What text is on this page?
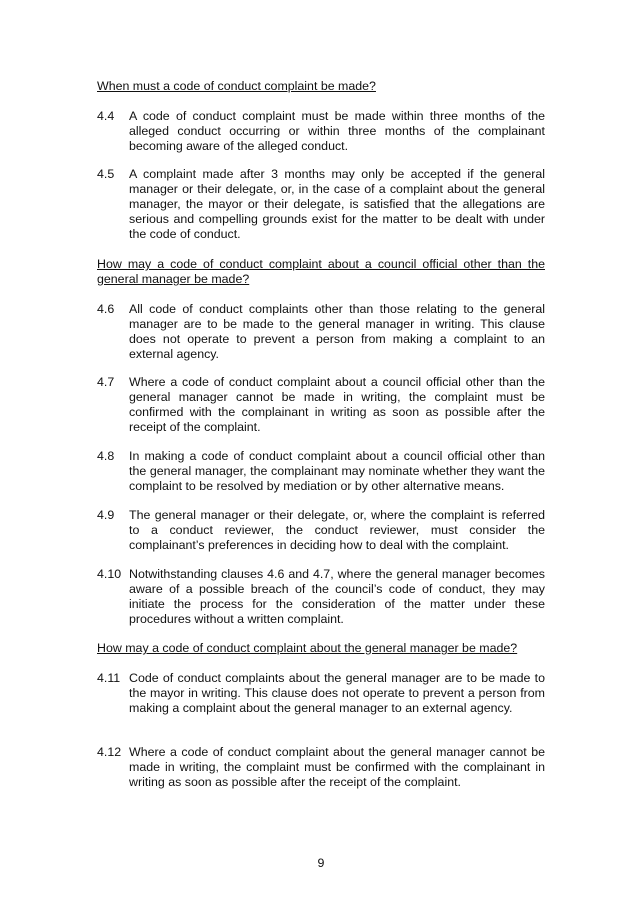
When must a code of conduct complaint be made?
4.4	A code of conduct complaint must be made within three months of the alleged conduct occurring or within three months of the complainant becoming aware of the alleged conduct.
4.5	A complaint made after 3 months may only be accepted if the general manager or their delegate, or, in the case of a complaint about the general manager, the mayor or their delegate, is satisfied that the allegations are serious and compelling grounds exist for the matter to be dealt with under the code of conduct.
How may a code of conduct complaint about a council official other than the general manager be made?
4.6	All code of conduct complaints other than those relating to the general manager are to be made to the general manager in writing. This clause does not operate to prevent a person from making a complaint to an external agency.
4.7	Where a code of conduct complaint about a council official other than the general manager cannot be made in writing, the complaint must be confirmed with the complainant in writing as soon as possible after the receipt of the complaint.
4.8	In making a code of conduct complaint about a council official other than the general manager, the complainant may nominate whether they want the complaint to be resolved by mediation or by other alternative means.
4.9	The general manager or their delegate, or, where the complaint is referred to a conduct reviewer, the conduct reviewer, must consider the complainant’s preferences in deciding how to deal with the complaint.
4.10 Notwithstanding clauses 4.6 and 4.7, where the general manager becomes aware of a possible breach of the council’s code of conduct, they may initiate the process for the consideration of the matter under these procedures without a written complaint.
How may a code of conduct complaint about the general manager be made?
4.11 Code of conduct complaints about the general manager are to be made to the mayor in writing. This clause does not operate to prevent a person from making a complaint about the general manager to an external agency.
4.12 Where a code of conduct complaint about the general manager cannot be made in writing, the complaint must be confirmed with the complainant in writing as soon as possible after the receipt of the complaint.
9
